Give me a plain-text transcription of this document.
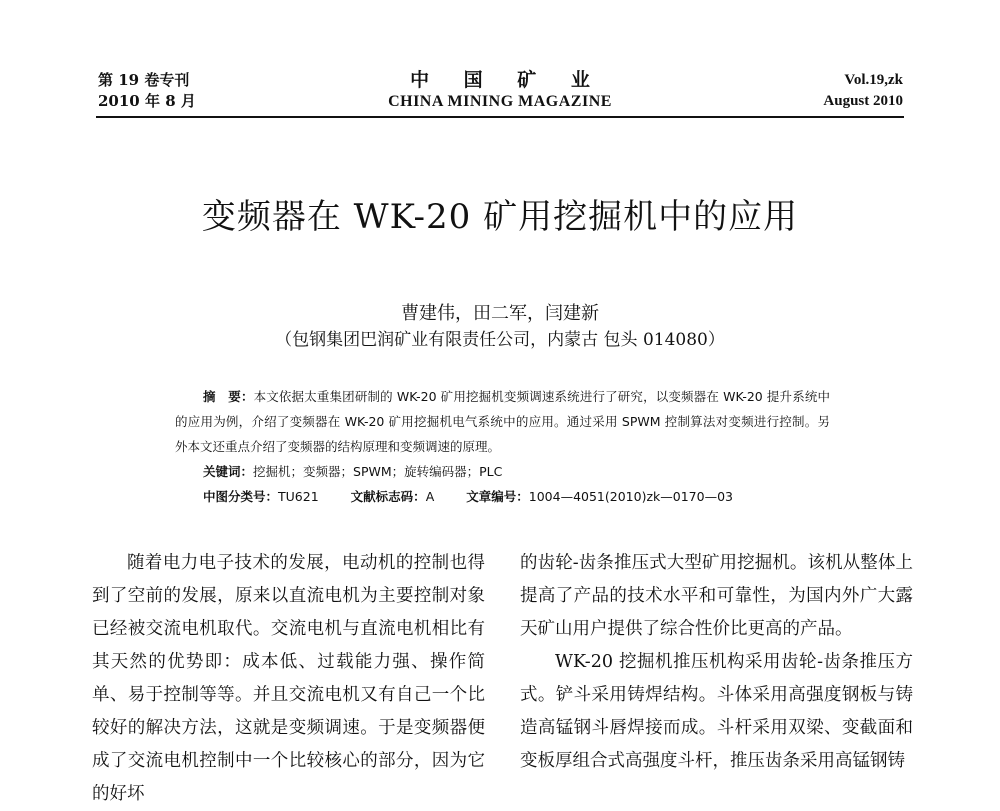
第 19 卷专刊
2010 年 8 月
中 国 矿 业
CHINA MINING MAGAZINE
Vol.19,zk
August 2010
变频器在 WK-20 矿用挖掘机中的应用
曹建伟，田二军，闫建新
（包钢集团巴润矿业有限责任公司，内蒙古 包头 014080）

摘　要：本文依据太重集团研制的 WK-20 矿用挖掘机变频调速系统进行了研究，以变频器在 WK-20 提升系统中的应用为例，介绍了变频器在 WK-20 矿用挖掘机电气系统中的应用。通过采用 SPWM 控制算法对变频进行控制。另外本文还重点介绍了变频器的结构原理和变频调速的原理。

关键词：挖掘机；变频器；SPWM；旋转编码器；PLC
中图分类号：TU621	文献标志码：A	文章编号：1004—4051(2010)zk—0170—03

随着电力电子技术的发展，电动机的控制也得到了空前的发展，原来以直流电机为主要控制对象已经被交流电机取代。交流电机与直流电机相比有其天然的优势即：成本低、过载能力强、操作简单、易于控制等等。并且交流电机又有自己一个比较好的解决方法，这就是变频调速。于是变频器便成了交流电机控制中一个比较核心的部分，因为它的好坏

的齿轮-齿条推压式大型矿用挖掘机。该机从整体上提高了产品的技术水平和可靠性，为国内外广大露天矿山用户提供了综合性价比更高的产品。

WK-20 挖掘机推压机构采用齿轮-齿条推压方式。铲斗采用铸焊结构。斗体采用高强度钢板与铸造高锰钢斗唇焊接而成。斗杆采用双梁、变截面和变板厚组合式高强度斗杆，推压齿条采用高锰钢铸
